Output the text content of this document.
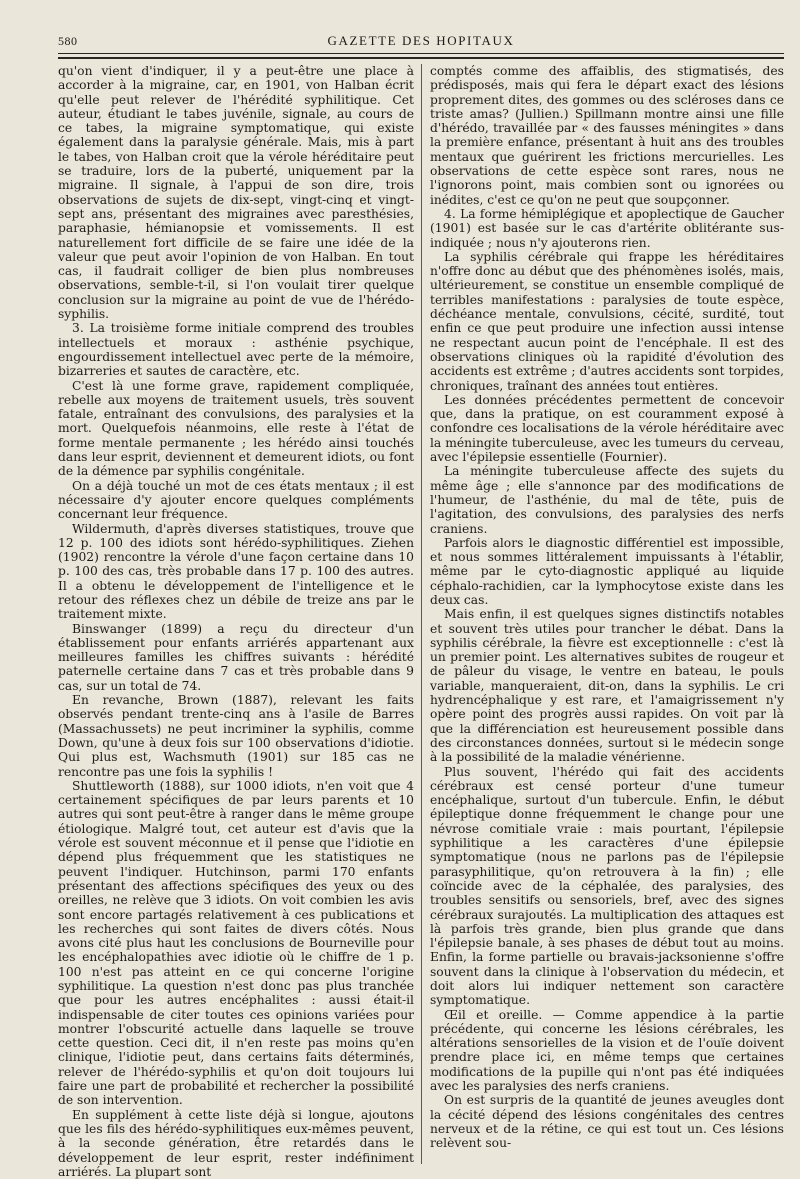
580	GAZETTE DES HOPITAUX

qu'on vient d'indiquer, il y a peut-être une place à accorder à la migraine, car, en 1901, von Halban écrit qu'elle peut relever de l'hérédité syphilitique. Cet auteur, étudiant le tabes juvénile, signale, au cours de ce tabes, la migraine symptomatique, qui existe également dans la paralysie générale. Mais, mis à part le tabes, von Halban croit que la vérole héréditaire peut se traduire, lors de la puberté, uniquement par la migraine. Il signale, à l'appui de son dire, trois observations de sujets de dix-sept, vingt-cinq et vingt-sept ans, présentant des migraines avec paresthésies, paraphasie, hémianopsie et vomissements. Il est naturellement fort difficile de se faire une idée de la valeur que peut avoir l'opinion de von Halban. En tout cas, il faudrait colliger de bien plus nombreuses observations, semble-t-il, si l'on voulait tirer quelque conclusion sur la migraine au point de vue de l'hérédo-syphilis.

3. La troisième forme initiale comprend des troubles intellectuels et moraux : asthénie psychique, engourdissement intellectuel avec perte de la mémoire, bizarreries et sautes de caractère, etc.

C'est là une forme grave, rapidement compliquée, rebelle aux moyens de traitement usuels, très souvent fatale, entraînant des convulsions, des paralysies et la mort. Quelquefois néanmoins, elle reste à l'état de forme mentale permanente ; les hérédo ainsi touchés dans leur esprit, deviennent et demeurent idiots, ou font de la démence par syphilis congénitale.

On a déjà touché un mot de ces états mentaux ; il est nécessaire d'y ajouter encore quelques compléments concernant leur fréquence.

Wildermuth, d'après diverses statistiques, trouve que 12 p. 100 des idiots sont hérédo-syphilitiques. Ziehen (1902) rencontre la vérole d'une façon certaine dans 10 p. 100 des cas, très probable dans 17 p. 100 des autres. Il a obtenu le développement de l'intelligence et le retour des réflexes chez un débile de treize ans par le traitement mixte.

Binswanger (1899) a reçu du directeur d'un établissement pour enfants arriérés appartenant aux meilleures familles les chiffres suivants : hérédité paternelle certaine dans 7 cas et très probable dans 9 cas, sur un total de 74.

En revanche, Brown (1887), relevant les faits observés pendant trente-cinq ans à l'asile de Barres (Massachussets) ne peut incriminer la syphilis, comme Down, qu'une à deux fois sur 100 observations d'idiotie. Qui plus est, Wachsmuth (1901) sur 185 cas ne rencontre pas une fois la syphilis !

Shuttleworth (1888), sur 1000 idiots, n'en voit que 4 certainement spécifiques de par leurs parents et 10 autres qui sont peut-être à ranger dans le même groupe étiologique. Malgré tout, cet auteur est d'avis que la vérole est souvent méconnue et il pense que l'idiotie en dépend plus fréquemment que les statistiques ne peuvent l'indiquer. Hutchinson, parmi 170 enfants présentant des affections spécifiques des yeux ou des oreilles, ne relève que 3 idiots. On voit combien les avis sont encore partagés relativement à ces publications et les recherches qui sont faites de divers côtés. Nous avons cité plus haut les conclusions de Bourneville pour les encéphalopathies avec idiotie où le chiffre de 1 p. 100 n'est pas atteint en ce qui concerne l'origine syphilitique. La question n'est donc pas plus tranchée que pour les autres encéphalites : aussi était-il indispensable de citer toutes ces opinions variées pour montrer l'obscurité actuelle dans laquelle se trouve cette question. Ceci dit, il n'en reste pas moins qu'en clinique, l'idiotie peut, dans certains faits déterminés, relever de l'hérédo-syphilis et qu'on doit toujours lui faire une part de probabilité et rechercher la possibilité de son intervention.

En supplément à cette liste déjà si longue, ajoutons que les fils des hérédo-syphilitiques eux-mêmes peuvent, à la seconde génération, être retardés dans le développement de leur esprit, rester indéfiniment arriérés. La plupart sont

comptés comme des affaiblis, des stigmatisés, des prédisposés, mais qui fera le départ exact des lésions proprement dites, des gommes ou des scléroses dans ce triste amas? (Jullien.) Spillmann montre ainsi une fille d'hérédo, travaillée par « des fausses méningites » dans la première enfance, présentant à huit ans des troubles mentaux que guérirent les frictions mercurielles. Les observations de cette espèce sont rares, nous ne l'ignorons point, mais combien sont ou ignorées ou inédites, c'est ce qu'on ne peut que soupçonner.

4. La forme hémiplégique et apoplectique de Gaucher (1901) est basée sur le cas d'artérite oblitérante sus-indiquée ; nous n'y ajouterons rien.

La syphilis cérébrale qui frappe les héréditaires n'offre donc au début que des phénomènes isolés, mais, ultérieurement, se constitue un ensemble compliqué de terribles manifestations : paralysies de toute espèce, déchéance mentale, convulsions, cécité, surdité, tout enfin ce que peut produire une infection aussi intense ne respectant aucun point de l'encéphale. Il est des observations cliniques où la rapidité d'évolution des accidents est extrême ; d'autres accidents sont torpides, chroniques, traînant des années tout entières.

Les données précédentes permettent de concevoir que, dans la pratique, on est couramment exposé à confondre ces localisations de la vérole héréditaire avec la méningite tuberculeuse, avec les tumeurs du cerveau, avec l'épilepsie essentielle (Fournier).

La méningite tuberculeuse affecte des sujets du même âge ; elle s'annonce par des modifications de l'humeur, de l'asthénie, du mal de tête, puis de l'agitation, des convulsions, des paralysies des nerfs craniens.

Parfois alors le diagnostic différentiel est impossible, et nous sommes littéralement impuissants à l'établir, même par le cyto-diagnostic appliqué au liquide céphalo-rachidien, car la lymphocytose existe dans les deux cas.

Mais enfin, il est quelques signes distinctifs notables et souvent très utiles pour trancher le débat. Dans la syphilis cérébrale, la fièvre est exceptionnelle : c'est là un premier point. Les alternatives subites de rougeur et de pâleur du visage, le ventre en bateau, le pouls variable, manqueraient, dit-on, dans la syphilis. Le cri hydrencéphalique y est rare, et l'amaigrissement n'y opère point des progrès aussi rapides. On voit par là que la différenciation est heureusement possible dans des circonstances données, surtout si le médecin songe à la possibilité de la maladie vénérienne.

Plus souvent, l'hérédo qui fait des accidents cérébraux est censé porteur d'une tumeur encéphalique, surtout d'un tubercule. Enfin, le début épileptique donne fréquemment le change pour une névrose comitiale vraie : mais pourtant, l'épilepsie syphilitique a les caractères d'une épilepsie symptomatique (nous ne parlons pas de l'épilepsie parasyphilitique, qu'on retrouvera à la fin) ; elle coïncide avec de la céphalée, des paralysies, des troubles sensitifs ou sensoriels, bref, avec des signes cérébraux surajoutés. La multiplication des attaques est là parfois très grande, bien plus grande que dans l'épilepsie banale, à ses phases de début tout au moins. Enfin, la forme partielle ou bravais-jacksonienne s'offre souvent dans la clinique à l'observation du médecin, et doit alors lui indiquer nettement son caractère symptomatique.

Œil et oreille. — Comme appendice à la partie précédente, qui concerne les lésions cérébrales, les altérations sensorielles de la vision et de l'ouïe doivent prendre place ici, en même temps que certaines modifications de la pupille qui n'ont pas été indiquées avec les paralysies des nerfs craniens.

On est surpris de la quantité de jeunes aveugles dont la cécité dépend des lésions congénitales des centres nerveux et de la rétine, ce qui est tout un. Ces lésions relèvent sou-
